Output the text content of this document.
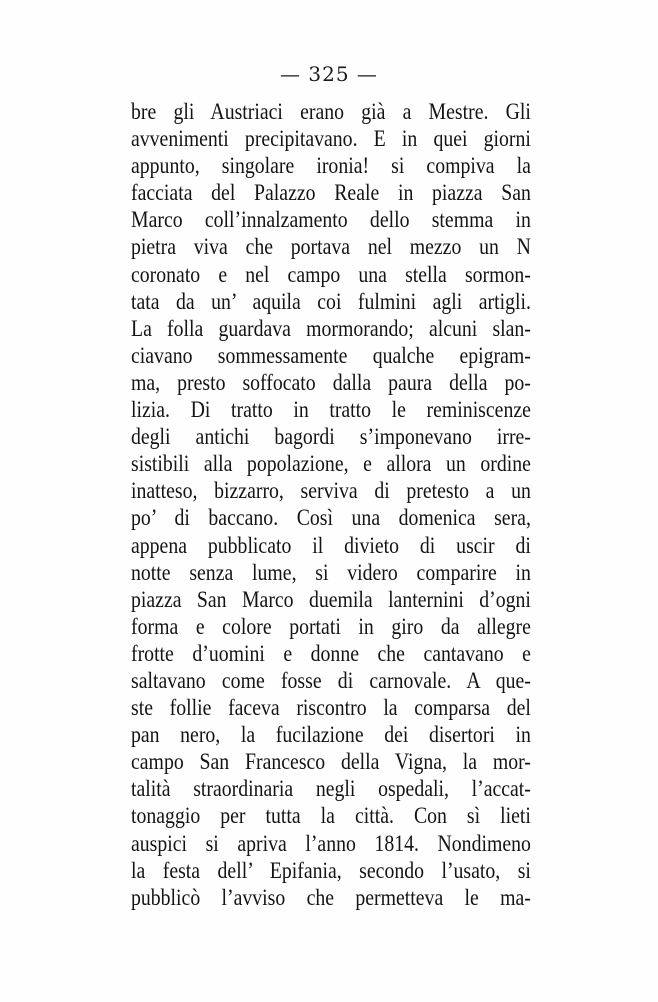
— 325 —
bre gli Austriaci erano già a Mestre. Gli
avvenimenti precipitavano. E in quei giorni
appunto, singolare ironia! si compiva la
facciata del Palazzo Reale in piazza San
Marco coll’innalzamento dello stemma in
pietra viva che portava nel mezzo un N
coronato e nel campo una stella sormon-
tata da un’ aquila coi fulmini agli artigli.
La folla guardava mormorando; alcuni slan-
ciavano sommessamente qualche epigram-
ma, presto soffocato dalla paura della po-
lizia. Di tratto in tratto le reminiscenze
degli antichi bagordi s’imponevano irre-
sistibili alla popolazione, e allora un ordine
inatteso, bizzarro, serviva di pretesto a un
po’ di baccano. Così una domenica sera,
appena pubblicato il divieto di uscir di
notte senza lume, si videro comparire in
piazza San Marco duemila lanternini d’ogni
forma e colore portati in giro da allegre
frotte d’uomini e donne che cantavano e
saltavano come fosse di carnovale. A que-
ste follie faceva riscontro la comparsa del
pan nero, la fucilazione dei disertori in
campo San Francesco della Vigna, la mor-
talità straordinaria negli ospedali, l’accat-
tonaggio per tutta la città. Con sì lieti
auspici si apriva l’anno 1814. Nondimeno
la festa dell’ Epifania, secondo l’usato, si
pubblicò l’avviso che permetteva le ma-
